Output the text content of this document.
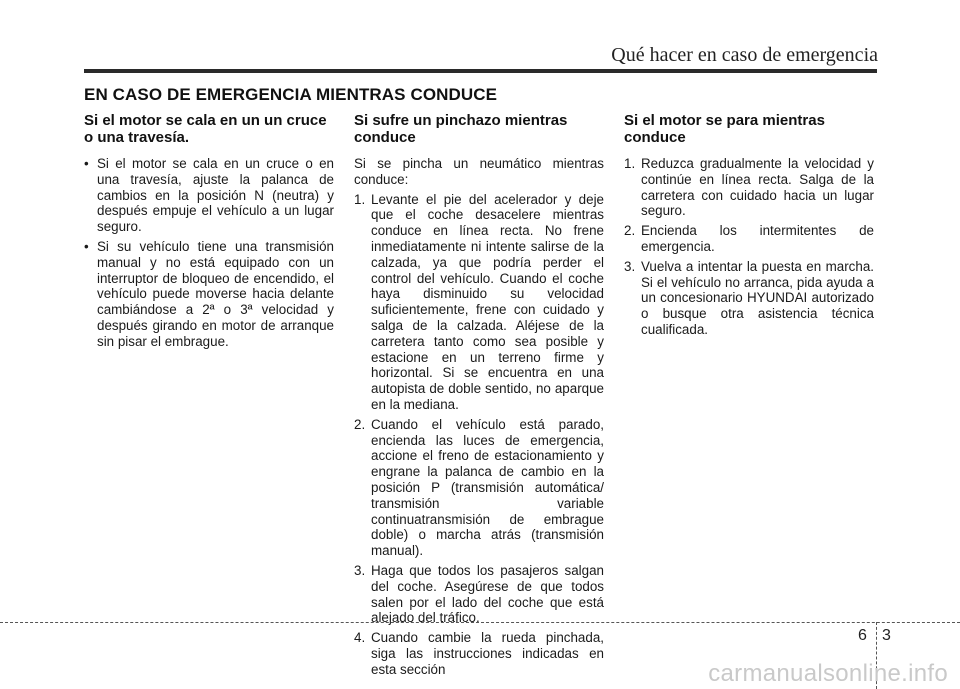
Qué hacer en caso de emergencia
EN CASO DE EMERGENCIA MIENTRAS CONDUCE
Si el motor se cala en un un cruce o una travesía.
• Si el motor se cala en un cruce o en una travesía, ajuste la palanca de cambios en la posición N (neutra) y después empuje el vehículo a un lugar seguro.
• Si su vehículo tiene una transmisión manual y no está equipado con un interruptor de bloqueo de encendido, el vehículo puede moverse hacia delante cambiándose a 2ª o 3ª velocidad y después girando en motor de arranque sin pisar el embrague.
Si sufre un pinchazo mientras conduce

Si se pincha un neumático mientras conduce:

1. Levante el pie del acelerador y deje que el coche desacelere mientras conduce en línea recta. No frene inmediatamente ni intente salirse de la calzada, ya que podría perder el control del vehículo. Cuando el coche haya disminuido su velocidad suficientemente, frene con cuidado y salga de la calzada. Aléjese de la carretera tanto como sea posible y estacione en un terreno firme y horizontal. Si se encuentra en una autopista de doble sentido, no aparque en la mediana.
2. Cuando el vehículo está parado, encienda las luces de emergencia, accione el freno de estacionamiento y engrane la palanca de cambio en la posición P (transmisión automática/ transmisión variable continuatransmisión de embrague doble) o marcha atrás (transmisión manual).
3. Haga que todos los pasajeros salgan del coche. Asegúrese de que todos salen por el lado del coche que está alejado del tráfico.
4. Cuando cambie la rueda pinchada, siga las instrucciones indicadas en esta sección
Si el motor se para mientras conduce
1. Reduzca gradualmente la velocidad y continúe en línea recta. Salga de la carretera con cuidado hacia un lugar seguro.
2. Encienda los intermitentes de emergencia.
3. Vuelva a intentar la puesta en marcha. Si el vehículo no arranca, pida ayuda a un concesionario HYUNDAI autorizado o busque otra asistencia técnica cualificada.
6 3
carmanualsonline.info
